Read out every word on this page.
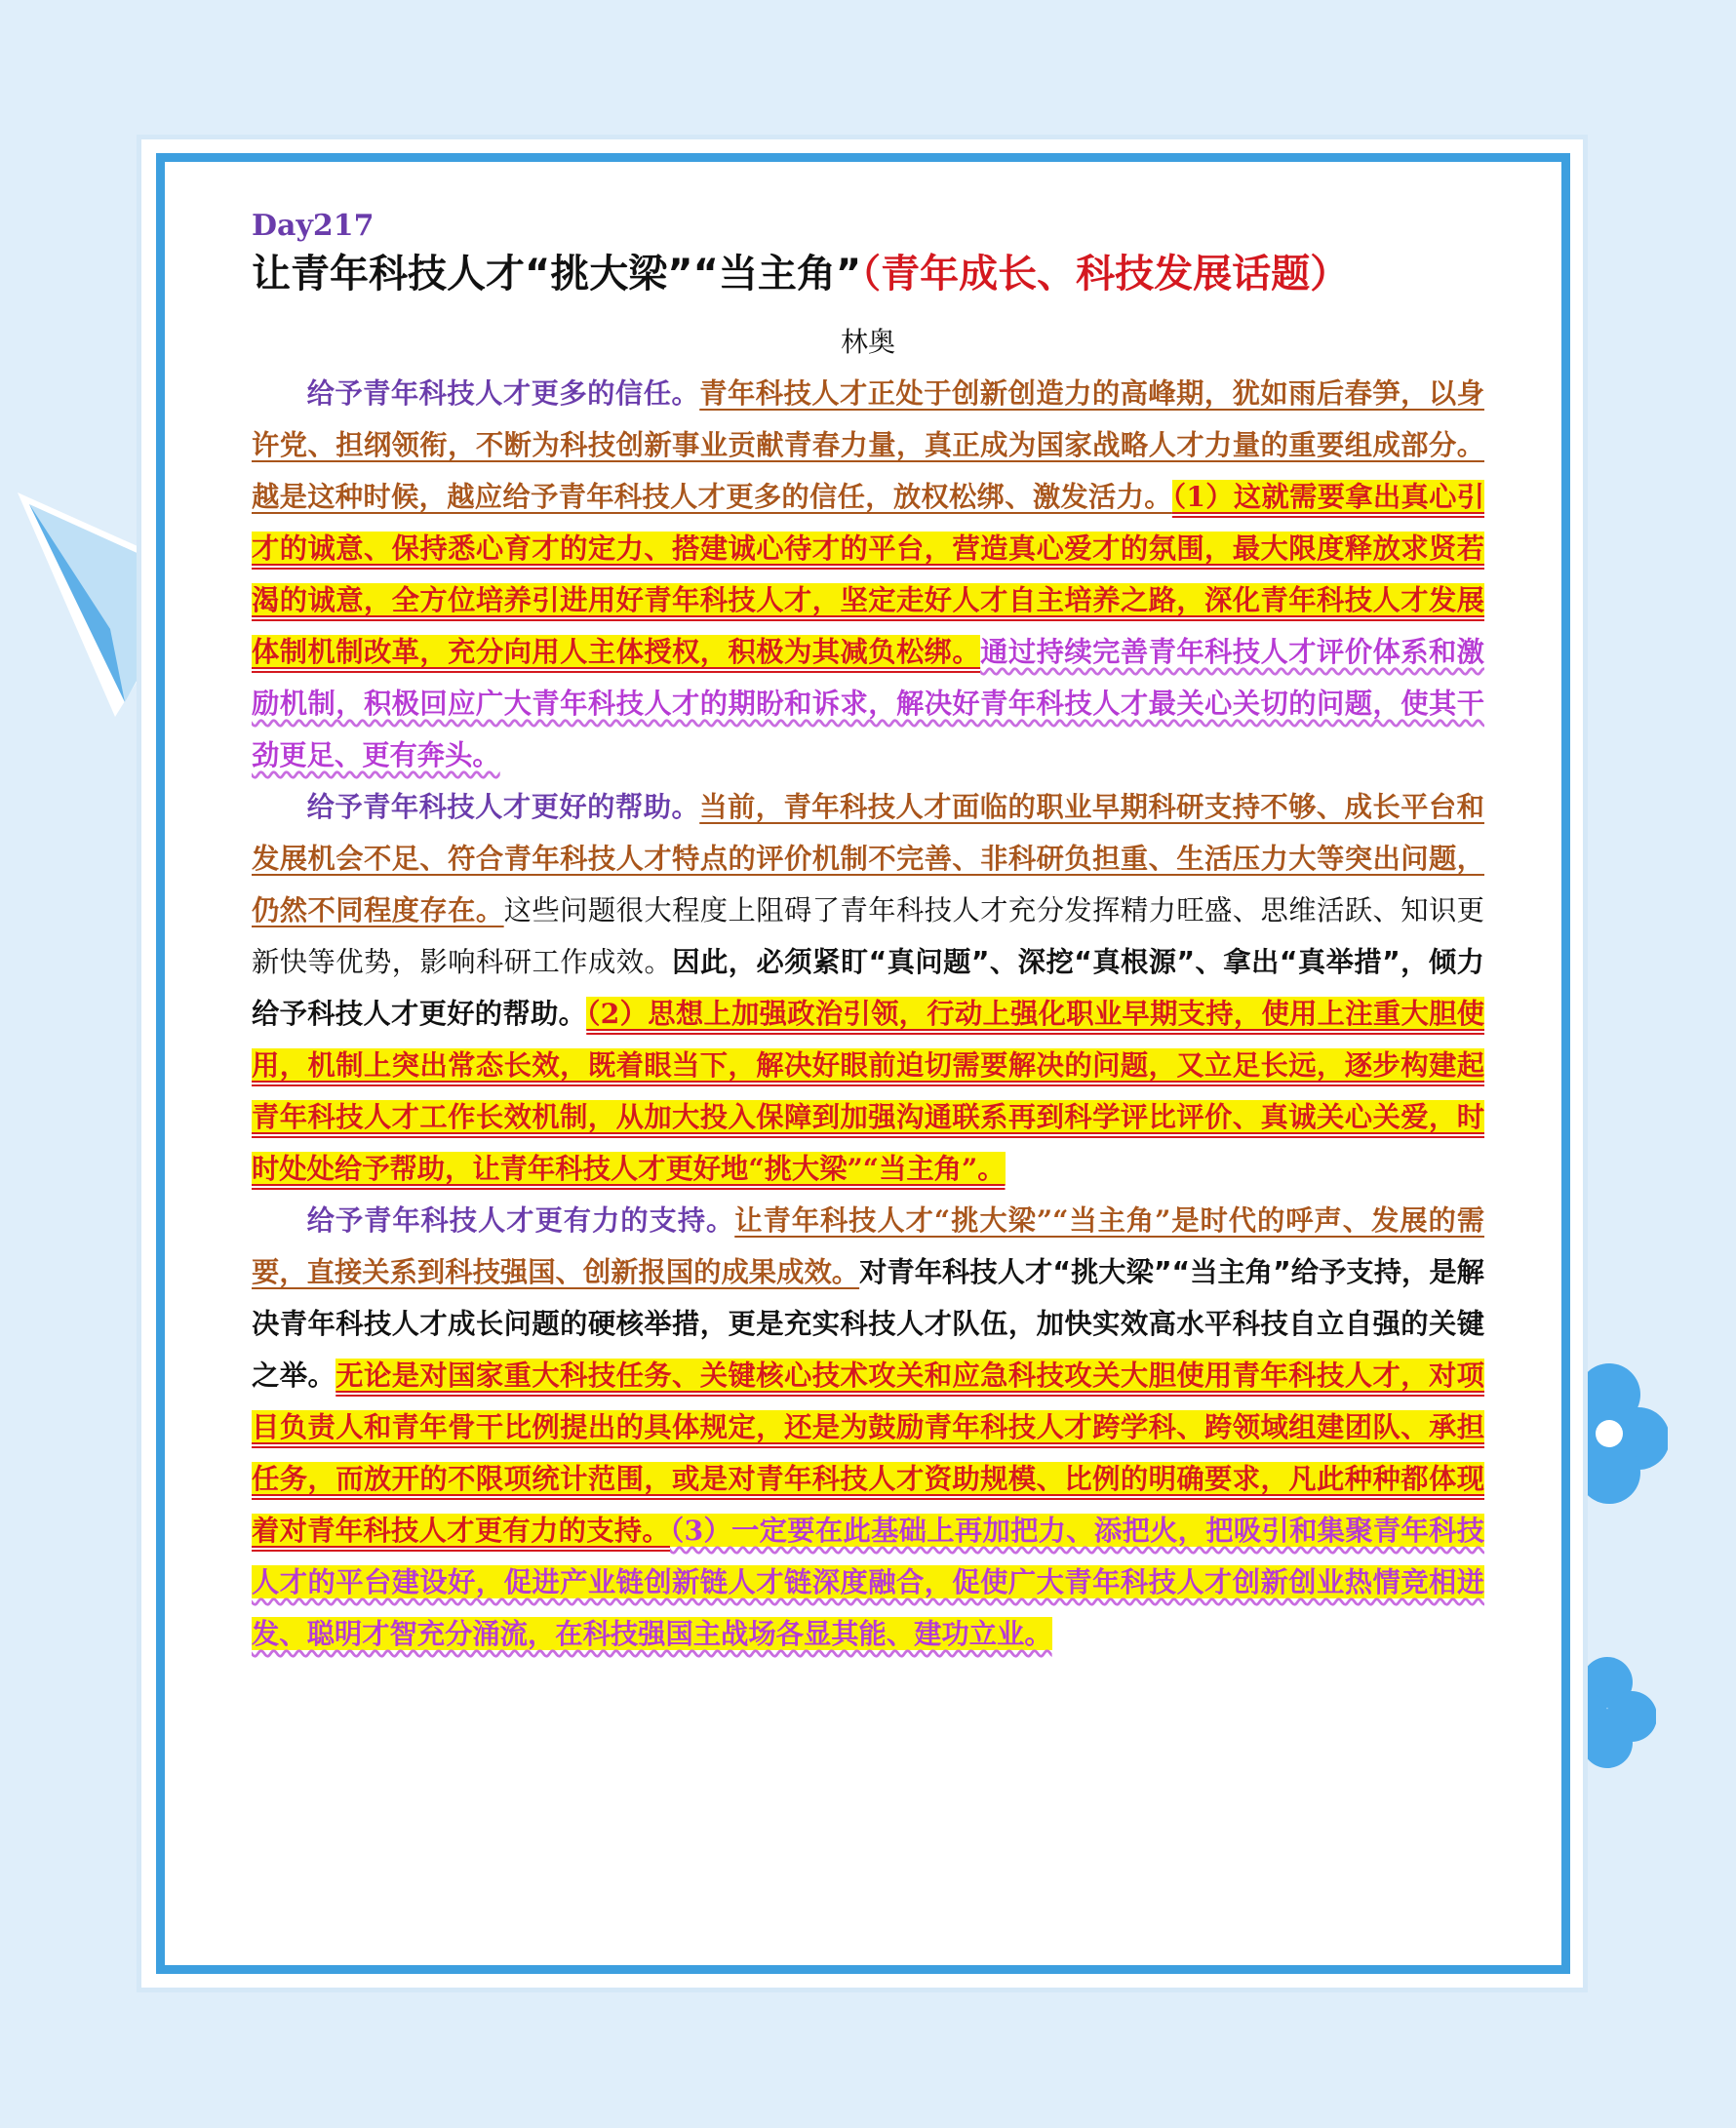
Day217
让青年科技人才“挑大梁”“当主角”（青年成长、科技发展话题）
林奥

给予青年科技人才更多的信任。青年科技人才正处于创新创造力的高峰期，犹如雨后春笋，以身许党、担纲领衔，不断为科技创新事业贡献青春力量，真正成为国家战略人才力量的重要组成部分。越是这种时候，越应给予青年科技人才更多的信任，放权松绑、激发活力。（1）这就需要拿出真心引才的诚意、保持悉心育才的定力、搭建诚心待才的平台，营造真心爱才的氛围，最大限度释放求贤若渴的诚意，全方位培养引进用好青年科技人才，坚定走好人才自主培养之路，深化青年科技人才发展体制机制改革，充分向用人主体授权，积极为其减负松绑。通过持续完善青年科技人才评价体系和激励机制，积极回应广大青年科技人才的期盼和诉求，解决好青年科技人才最关心关切的问题，使其干劲更足、更有奔头。

给予青年科技人才更好的帮助。当前，青年科技人才面临的职业早期科研支持不够、成长平台和发展机会不足、符合青年科技人才特点的评价机制不完善、非科研负担重、生活压力大等突出问题，仍然不同程度存在。这些问题很大程度上阻碍了青年科技人才充分发挥精力旺盛、思维活跃、知识更新快等优势，影响科研工作成效。因此，必须紧盯“真问题”、深挖“真根源”、拿出“真举措”，倾力给予科技人才更好的帮助。（2）思想上加强政治引领，行动上强化职业早期支持，使用上注重大胆使用，机制上突出常态长效，既着眼当下，解决好眼前迫切需要解决的问题，又立足长远，逐步构建起青年科技人才工作长效机制，从加大投入保障到加强沟通联系再到科学评比评价、真诚关心关爱，时时处处给予帮助，让青年科技人才更好地“挑大梁”“当主角”。

给予青年科技人才更有力的支持。让青年科技人才“挑大梁”“当主角”是时代的呼声、发展的需要，直接关系到科技强国、创新报国的成果成效。对青年科技人才“挑大梁”“当主角”给予支持，是解决青年科技人才成长问题的硬核举措，更是充实科技人才队伍，加快实效高水平科技自立自强的关键之举。无论是对国家重大科技任务、关键核心技术攻关和应急科技攻关大胆使用青年科技人才，对项目负责人和青年骨干比例提出的具体规定，还是为鼓励青年科技人才跨学科、跨领域组建团队、承担任务，而放开的不限项统计范围，或是对青年科技人才资助规模、比例的明确要求，凡此种种都体现着对青年科技人才更有力的支持。（3）一定要在此基础上再加把力、添把火，把吸引和集聚青年科技人才的平台建设好，促进产业链创新链人才链深度融合，促使广大青年科技人才创新创业热情竞相迸发、聪明才智充分涌流，在科技强国主战场各显其能、建功立业。
